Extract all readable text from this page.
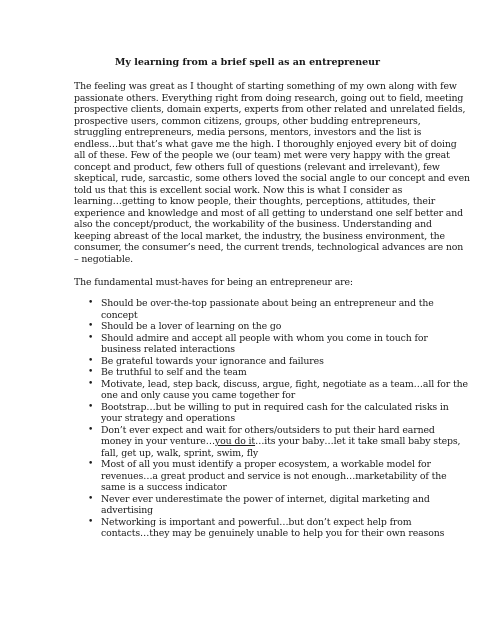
My learning from a brief spell as an entrepreneur

The feeling was great as I thought of starting something of my own along with few
passionate others. Everything right from doing research, going out to field, meeting
prospective clients, domain experts, experts from other related and unrelated fields,
prospective users, common citizens, groups, other budding entrepreneurs,
struggling entrepreneurs, media persons, mentors, investors and the list is
endless…but that’s what gave me the high. I thoroughly enjoyed every bit of doing
all of these. Few of the people we (our team) met were very happy with the great
concept and product, few others full of questions (relevant and irrelevant), few
skeptical, rude, sarcastic, some others loved the social angle to our concept and even
told us that this is excellent social work. Now this is what I consider as
learning…getting to know people, their thoughts, perceptions, attitudes, their
experience and knowledge and most of all getting to understand one self better and
also the concept/product, the workability of the business. Understanding and
keeping abreast of the local market, the industry, the business environment, the
consumer, the consumer’s need, the current trends, technological advances are non
– negotiable.

The fundamental must-haves for being an entrepreneur are:

• Should be over-the-top passionate about being an entrepreneur and the
concept
• Should be a lover of learning on the go
• Should admire and accept all people with whom you come in touch for
business related interactions
• Be grateful towards your ignorance and failures
• Be truthful to self and the team
• Motivate, lead, step back, discuss, argue, fight, negotiate as a team…all for the
one and only cause you came together for
• Bootstrap…but be willing to put in required cash for the calculated risks in
your strategy and operations
• Don’t ever expect and wait for others/outsiders to put their hard earned
money in your venture…you do it…its your baby…let it take small baby steps,
fall, get up, walk, sprint, swim, fly
• Most of all you must identify a proper ecosystem, a workable model for
revenues…a great product and service is not enough…marketability of the
same is a success indicator
• Never ever underestimate the power of internet, digital marketing and
advertising
• Networking is important and powerful…but don’t expect help from
contacts…they may be genuinely unable to help you for their own reasons
